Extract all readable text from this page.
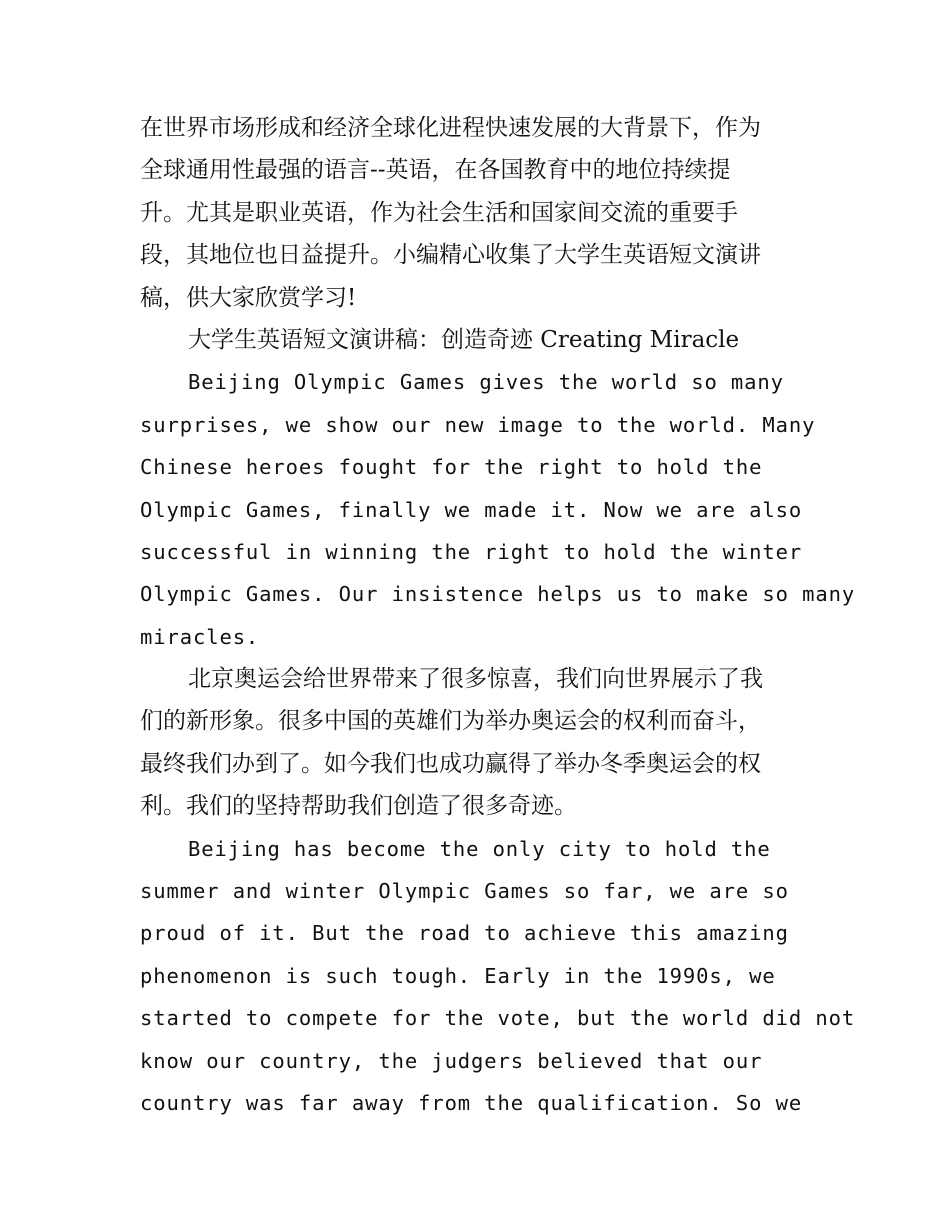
在世界市场形成和经济全球化进程快速发展的大背景下，作为
全球通用性最强的语言--英语，在各国教育中的地位持续提
升。尤其是职业英语，作为社会生活和国家间交流的重要手
段，其地位也日益提升。小编精心收集了大学生英语短文演讲
稿，供大家欣赏学习!
大学生英语短文演讲稿：创造奇迹 Creating Miracle
Beijing Olympic Games gives the world so many
surprises, we show our new image to the world. Many
Chinese heroes fought for the right to hold the
Olympic Games, finally we made it. Now we are also
successful in winning the right to hold the winter
Olympic Games. Our insistence helps us to make so many
miracles.
北京奥运会给世界带来了很多惊喜，我们向世界展示了我
们的新形象。很多中国的英雄们为举办奥运会的权利而奋斗，
最终我们办到了。如今我们也成功赢得了举办冬季奥运会的权
利。我们的坚持帮助我们创造了很多奇迹。
Beijing has become the only city to hold the
summer and winter Olympic Games so far, we are so
proud of it. But the road to achieve this amazing
phenomenon is such tough. Early in the 1990s, we
started to compete for the vote, but the world did not
know our country, the judgers believed that our
country was far away from the qualification. So we
